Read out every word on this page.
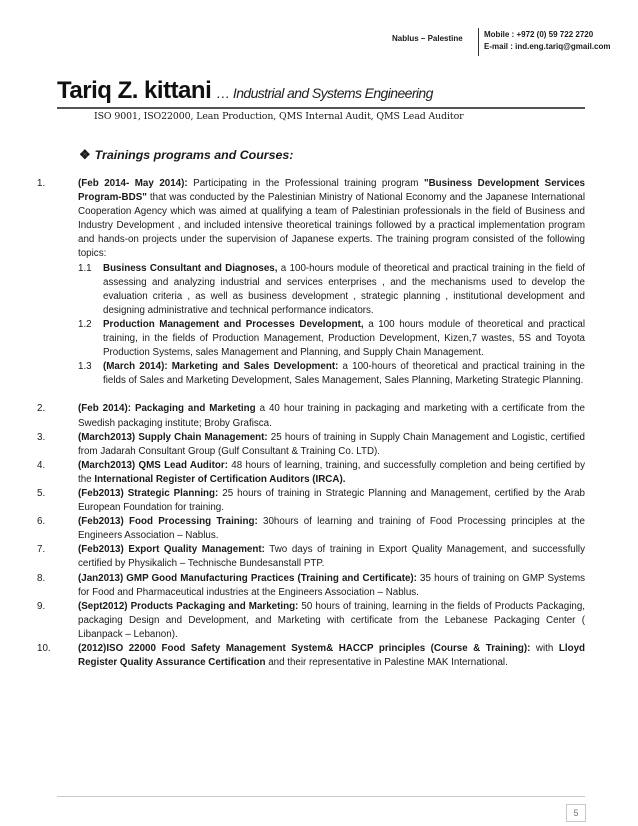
Nablus – Palestine	Mobile : +972 (0) 59 722 2720
E-mail : ind.eng.tariq@gmail.com
Tariq Z. kittani … Industrial and Systems Engineering
ISO 9001, ISO22000, Lean Production, QMS Internal Audit, QMS Lead Auditor
❖ Trainings programs and Courses:
1.	(Feb 2014- May 2014): Participating in the Professional training program "Business Development Services Program-BDS" that was conducted by the Palestinian Ministry of National Economy and the Japanese International Cooperation Agency which was aimed at qualifying a team of Palestinian professionals in the field of Business and Industry Development , and included intensive theoretical trainings followed by a practical implementation program and hands-on projects under the supervision of Japanese experts. The training program consisted of the following topics:
1.1 Business Consultant and Diagnoses, a 100-hours module of theoretical and practical training in the field of assessing and analyzing industrial and services enterprises , and the mechanisms used to develop the evaluation criteria , as well as business development , strategic planning , institutional development and designing administrative and technical performance indicators.
1.2 Production Management and Processes Development, a 100 hours module of theoretical and practical training, in the fields of Production Management, Production Development, Kizen,7 wastes, 5S and Toyota Production Systems, sales Management and Planning, and Supply Chain Management.
1.3 (March 2014): Marketing and Sales Development: a 100-hours of theoretical and practical training in the fields of Sales and Marketing Development, Sales Management, Sales Planning, Marketing Strategic Planning.
2.	(Feb 2014): Packaging and Marketing a 40 hour training in packaging and marketing with a certificate from the Swedish packaging institute; Broby Grafisca.
3.	(March2013) Supply Chain Management: 25 hours of training in Supply Chain Management and Logistic, certified from Jadarah Consultant Group (Gulf Consultant & Training Co. LTD).
4.	(March2013) QMS Lead Auditor: 48 hours of learning, training, and successfully completion and being certified by the International Register of Certification Auditors (IRCA).
5.	(Feb2013) Strategic Planning: 25 hours of training in Strategic Planning and Management, certified by the Arab European Foundation for training.
6.	(Feb2013) Food Processing Training: 30hours of learning and training of Food Processing principles at the Engineers Association – Nablus.
7.	(Feb2013) Export Quality Management: Two days of training in Export Quality Management, and successfully certified by Physikalich – Technische Bundesanstall PTP.
8.	(Jan2013) GMP Good Manufacturing Practices (Training and Certificate): 35 hours of training on GMP Systems for Food and Pharmaceutical industries at the Engineers Association – Nablus.
9.	(Sept2012) Products Packaging and Marketing: 50 hours of training, learning in the fields of Products Packaging, packaging Design and Development, and Marketing with certificate from the Lebanese Packaging Center ( Libanpack – Lebanon).
10.	(2012)ISO 22000 Food Safety Management System& HACCP principles (Course & Training): with Lloyd Register Quality Assurance Certification and their representative in Palestine MAK International.
5
